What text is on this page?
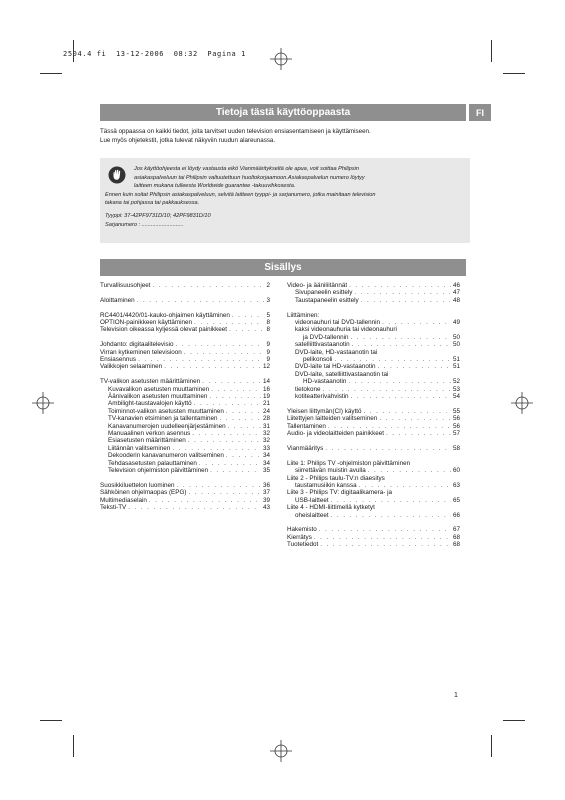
2504.4 fi  13-12-2006  08:32  Pagina 1
Tietoja tästä käyttöoppaasta	FI
Tässä oppaassa on kaikki tiedot, joita tarvitset uuden television ensiasentamiseen ja käyttämiseen.
Lue myös ohjetekstit, jotka tulevat näkyviin ruudun alareunassa.
Jos käyttöohjeesta ei löydy vastausta eikö Vianmääritykseltä ole apua, voit soittaa Philipsin
asiakaspalveluun tai Philipsin valtuutettuun huoltokorjaamoon.Asiakaspalvelun numero löytyy
laitteen mukana tulleesta Worldwide guarantee -takuuvihkosesta.
Ennen kuin soitat Philipsin asiakaspalveluun, selvitä laitteen tyyppi- ja sarjanumero, jotka mainitaan television
takana tai pohjassa tai pakkauksessa.
Tyyppi: 37-42PF9731D/10; 42PF9831D/10
Sarjanumero : ...........................
Sisällys
Turvallisuusohjeet . . .	2
Aloittaminen . . .	3
RC4401/4420/01-kauko-ohjaimen käyttäminen . . .	5
OPTION-painikkeen käyttäminen . . .	8
Television oikeassa kyljessä olevat painikkeet . . .	8
Johdanto: digitaalitelevisio . . .	9
Virran kytkeminen televisioon . . .	9
Ensiasennus . . .	9
Valikkojen selaaminen . . .	12
TV-valikon asetusten määrittäminen . . .	14
Kuvavalikon asetusten muuttaminen . . .	16
Äänivalikon asetusten muuttaminen . . .	19
Ambilight-taustavalojen käyttö . . .	21
Toiminnot-valikon asetusten muuttaminen . . .	24
TV-kanavien etsiminen ja tallentaminen . . .	28
Kanavanumerojen uudelleenjärjestäminen . . .	31
Manuaalinen verkon asennus . . .	32
Esiasetusten määrittäminen . . .	32
Liitännän valitseminen . . .	33
Dekooderin kanavanumeron valitseminen . . .	34
Tehdasasetusten palauttaminen . . .	34
Television ohjelmiston päivittäminen . . .	35
Suosikkiluettelon luominen . . .	36
Sähköinen ohjelmaopas (EPG) . . .	37
Multimediaselain . . .	39
Teksti-TV . . .	43
Video- ja ääniliitännät . . .	46
Sivupaneelin esittely . . .	47
Taustapaneelin esittely . . .	48
Liittäminen:
videonauhuri tai DVD-tallennin . . .	49
kaksi videonauhuria tai videonauhuri
ja DVD-tallennin . . .	50
satelliittivastaanotin . . .	50
DVD-laite, HD-vastaanotin tai
pelikonsoli . . .	51
DVD-laite tai HD-vastaanotin . . .	51
DVD-laite, satelliittivastaanotin tai
HD-vastaanotin . . .	52
tietokone . . .	53
kotiteatterivahvistin . . .	54
Yleisen liittymän(CI) käyttö . . .	55
Liitettyjen laitteiden valitseminen . . .	56
Tallentaminen . . .	56
Audio- ja videolaitteiden painikkeet . . .	57
Vianmääritys . . .	58
Liite 1: Philips TV -ohjelmiston päivittäminen
siirrettävän muistin avulla . . .	60
Liite 2 - Philips taulu-TV:n diaesitys
taustamusiikin kanssa . . .	63
Liite 3 - Philips TV: digitaalikamera- ja
USB-laitteet . . .	65
Liite 4 - HDMI-liittimellä kytketyt
oheislaitteet . . .	66
Hakemisto . . .	67
Kierrätys . . .	68
Tuotetiedot . . .	68
1
